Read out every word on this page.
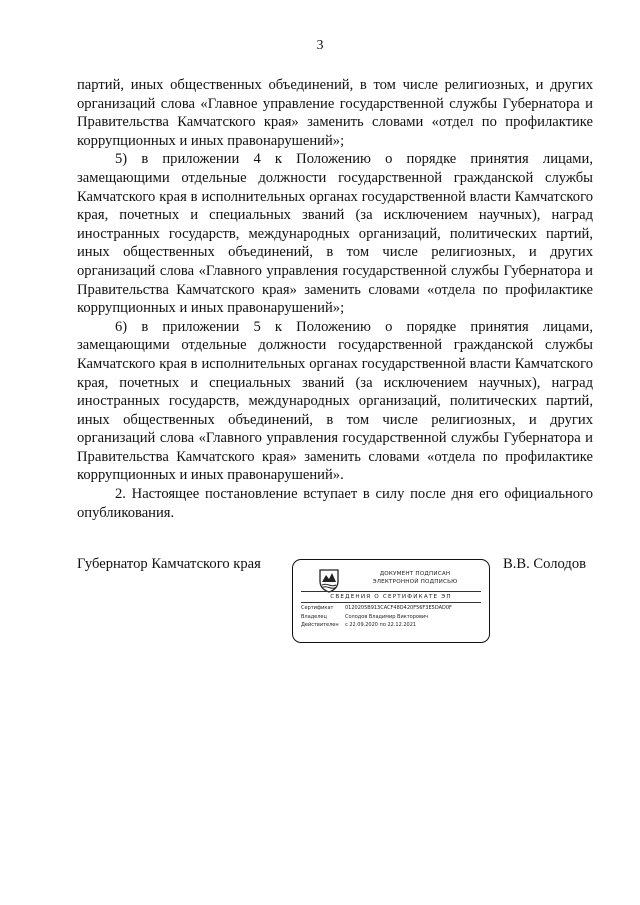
3

партий, иных общественных объединений, в том числе религиозных, и других организаций слова «Главное управление государственной службы Губернатора и Правительства Камчатского края» заменить словами «отдел по профилактике коррупционных и иных правонарушений»;

5) в приложении 4 к Положению о порядке принятия лицами, замещающими отдельные должности государственной гражданской службы Камчатского края в исполнительных органах государственной власти Камчатского края, почетных и специальных званий (за исключением научных), наград иностранных государств, международных организаций, политических партий, иных общественных объединений, в том числе религиозных, и других организаций слова «Главного управления государственной службы Губернатора и Правительства Камчатского края» заменить словами «отдела по профилактике коррупционных и иных правонарушений»;

6) в приложении 5 к Положению о порядке принятия лицами, замещающими отдельные должности государственной гражданской службы Камчатского края в исполнительных органах государственной власти Камчатского края, почетных и специальных званий (за исключением научных), наград иностранных государств, международных организаций, политических партий, иных общественных объединений, в том числе религиозных, и других организаций слова «Главного управления государственной службы Губернатора и Правительства Камчатского края» заменить словами «отдела по профилактике коррупционных и иных правонарушений».

2. Настоящее постановление вступает в силу после дня его официального опубликования.

Губернатор Камчатского края
ДОКУМЕНТ ПОДПИСАН
ЭЛЕКТРОННОЙ ПОДПИСЬЮ
СВЕДЕНИЯ О СЕРТИФИКАТЕ ЭП
Сертификат	0120205B913CACF48D420F56F3E5DAD0F
Владелец	Солодов Владимир Викторович
Действителен	с 22.09.2020 по 22.12.2021
В.В. Солодов
